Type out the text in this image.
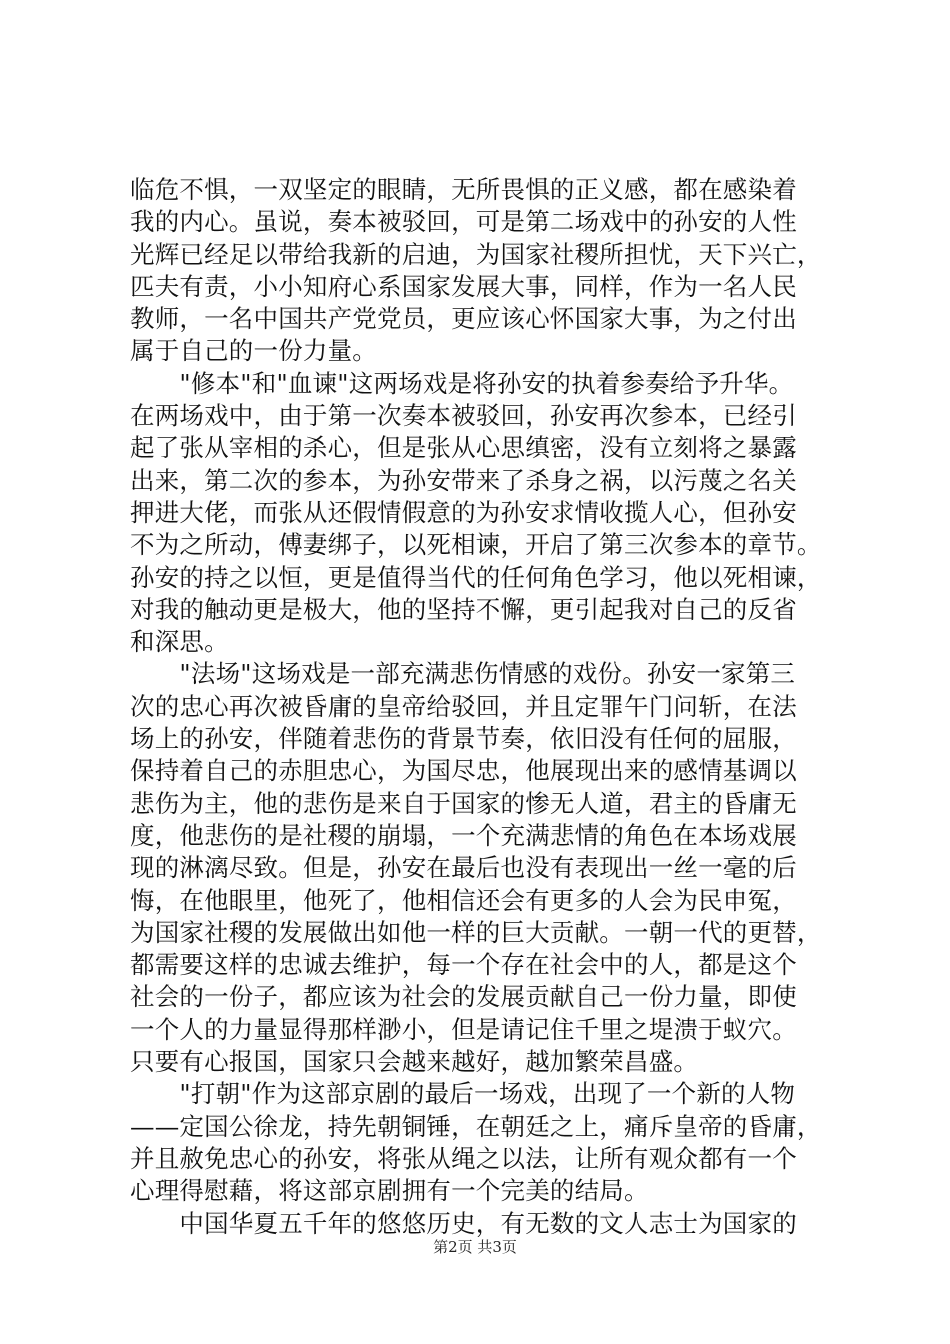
临危不惧，一双坚定的眼睛，无所畏惧的正义感，都在感染着
我的内心。虽说，奏本被驳回，可是第二场戏中的孙安的人性
光辉已经足以带给我新的启迪，为国家社稷所担忧，天下兴亡，
匹夫有责，小小知府心系国家发展大事，同样，作为一名人民
教师，一名中国共产党党员，更应该心怀国家大事，为之付出
属于自己的一份力量。
　　"修本"和"血谏"这两场戏是将孙安的执着参奏给予升华。
在两场戏中，由于第一次奏本被驳回，孙安再次参本，已经引
起了张从宰相的杀心，但是张从心思缜密，没有立刻将之暴露
出来，第二次的参本，为孙安带来了杀身之祸，以污蔑之名关
押进大佬，而张从还假情假意的为孙安求情收揽人心，但孙安
不为之所动，傅妻绑子，以死相谏，开启了第三次参本的章节。
孙安的持之以恒，更是值得当代的任何角色学习，他以死相谏，
对我的触动更是极大，他的坚持不懈，更引起我对自己的反省
和深思。
　　"法场"这场戏是一部充满悲伤情感的戏份。孙安一家第三
次的忠心再次被昏庸的皇帝给驳回，并且定罪午门问斩，在法
场上的孙安，伴随着悲伤的背景节奏，依旧没有任何的屈服，
保持着自己的赤胆忠心，为国尽忠，他展现出来的感情基调以
悲伤为主，他的悲伤是来自于国家的惨无人道，君主的昏庸无
度，他悲伤的是社稷的崩塌，一个充满悲情的角色在本场戏展
现的淋漓尽致。但是，孙安在最后也没有表现出一丝一毫的后
悔，在他眼里，他死了，他相信还会有更多的人会为民申冤，
为国家社稷的发展做出如他一样的巨大贡献。一朝一代的更替，
都需要这样的忠诚去维护，每一个存在社会中的人，都是这个
社会的一份子，都应该为社会的发展贡献自己一份力量，即使
一个人的力量显得那样渺小，但是请记住千里之堤溃于蚁穴。
只要有心报国，国家只会越来越好，越加繁荣昌盛。
　　"打朝"作为这部京剧的最后一场戏，出现了一个新的人物
——定国公徐龙，持先朝铜锤，在朝廷之上，痛斥皇帝的昏庸，
并且赦免忠心的孙安，将张从绳之以法，让所有观众都有一个
心理得慰藉，将这部京剧拥有一个完美的结局。
　　中国华夏五千年的悠悠历史，有无数的文人志士为国家的
第2页 共3页
